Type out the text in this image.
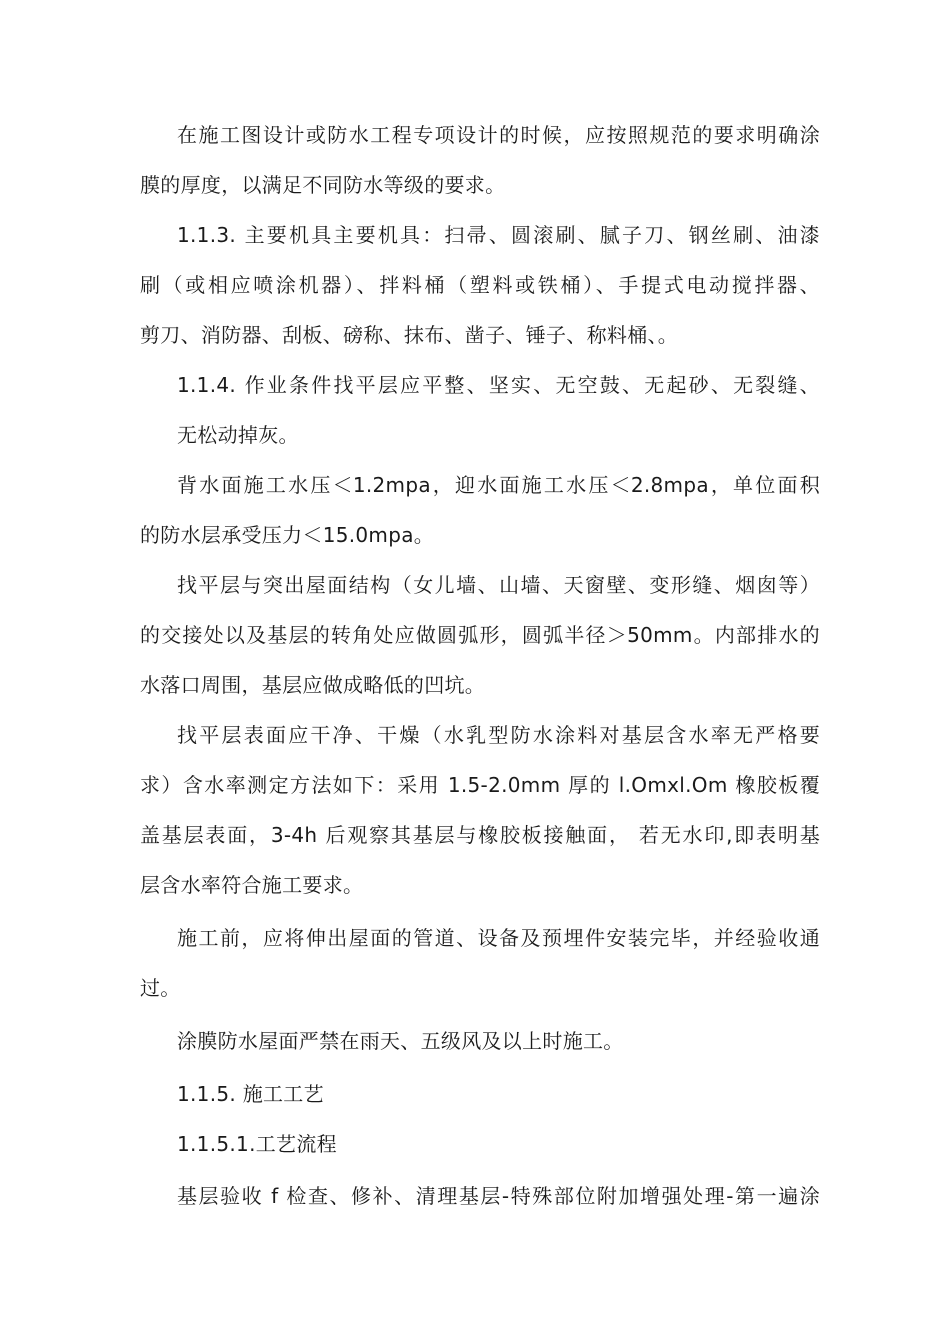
在施工图设计或防水工程专项设计的时候，应按照规范的要求明确涂
膜的厚度，以满足不同防水等级的要求。
1.1.3. 主要机具主要机具：扫帚、圆滚刷、腻子刀、钢丝刷、油漆
刷（或相应喷涂机器）、拌料桶（塑料或铁桶）、手提式电动搅拌器、
剪刀、消防器、刮板、磅称、抹布、凿子、锤子、称料桶、。
1.1.4. 作业条件找平层应平整、坚实、无空鼓、无起砂、无裂缝、
无松动掉灰。
背水面施工水压＜1.2mpa，迎水面施工水压＜2.8mpa，单位面积
的防水层承受压力＜15.0mpa。
找平层与突出屋面结构（女儿墙、山墙、天窗壁、变形缝、烟囱等）
的交接处以及基层的转角处应做圆弧形，圆弧半径＞50mm。内部排水的
水落口周围，基层应做成略低的凹坑。
找平层表面应干净、干燥（水乳型防水涂料对基层含水率无严格要
求）含水率测定方法如下：采用 1.5-2.0mm 厚的 l.Omxl.Om 橡胶板覆
盖基层表面，3-4h 后观察其基层与橡胶板接触面， 若无水印,即表明基
层含水率符合施工要求。
施工前，应将伸出屋面的管道、设备及预埋件安装完毕，并经验收通
过。
涂膜防水屋面严禁在雨天、五级风及以上时施工。
1.1.5. 施工工艺
1.1.5.1.工艺流程
基层验收 f 检查、修补、清理基层-特殊部位附加增强处理-第一遍涂
